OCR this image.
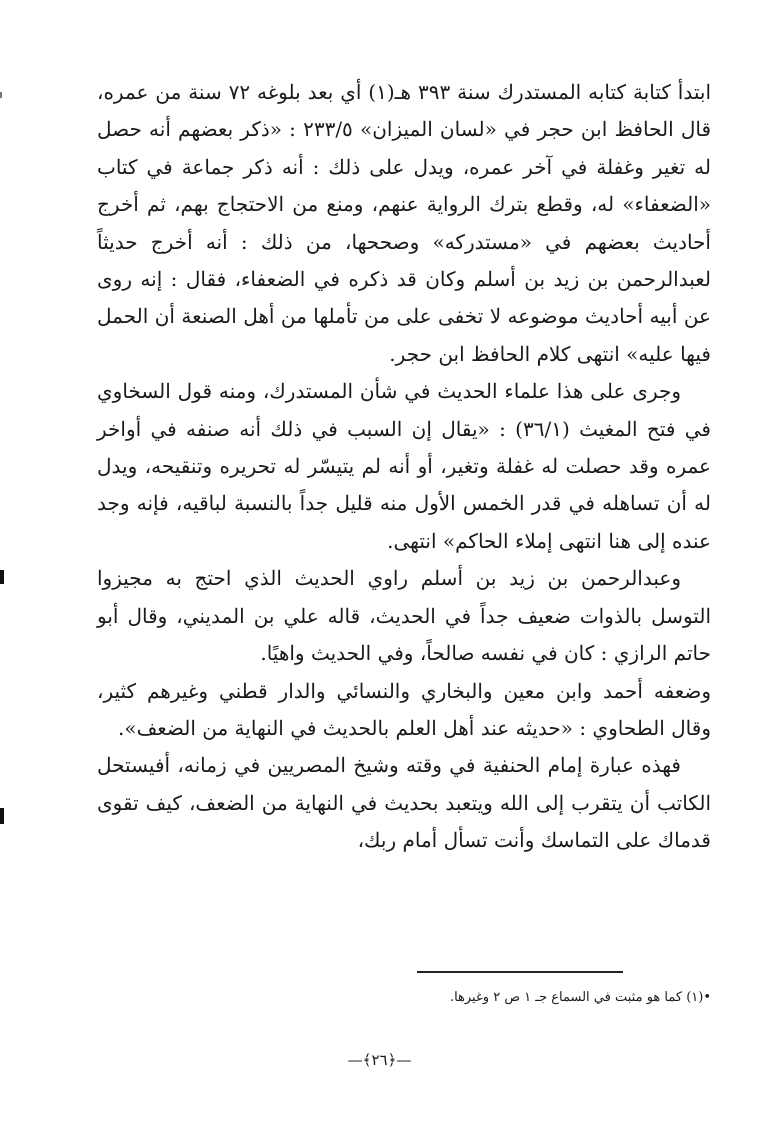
ابتدأ كتابة كتابه المستدرك سنة ٣٩٣ هـ(١) أي بعد بلوغه ٧٢ سنة من عمره، قال الحافظ ابن حجر في «لسان الميزان» ٢٣٣/٥ : «ذكر بعضهم أنه حصل له تغير وغفلة في آخر عمره، ويدل على ذلك : أنه ذكر جماعة في كتاب «الضعفاء» له، وقطع بترك الرواية عنهم، ومنع من الاحتجاج بهم، ثم أخرج أحاديث بعضهم في «مستدركه» وصححها، من ذلك : أنه أخرج حديثاً لعبدالرحمن بن زيد بن أسلم وكان قد ذكره في الضعفاء، فقال : إنه روى عن أبيه أحاديث موضوعه لا تخفى على من تأملها من أهل الصنعة أن الحمل فيها عليه» انتهى كلام الحافظ ابن حجر.

وجرى على هذا علماء الحديث في شأن المستدرك، ومنه قول السخاوي في فتح المغيث (٣٦/١) : «يقال إن السبب في ذلك أنه صنفه في أواخر عمره وقد حصلت له غفلة وتغير، أو أنه لم يتيسّر له تحريره وتنقيحه، ويدل له أن تساهله في قدر الخمس الأول منه قليل جداً بالنسبة لباقيه، فإنه وجد عنده إلى هنا انتهى إملاء الحاكم» انتهى.

وعبدالرحمن بن زيد بن أسلم راوي الحديث الذي احتج به مجيزوا التوسل بالذوات ضعيف جداً في الحديث، قاله علي بن المديني، وقال أبو حاتم الرازي : كان في نفسه صالحاً، وفي الحديث واهيًا.

وضعفه أحمد وابن معين والبخاري والنسائي والدار قطني وغيرهم كثير، وقال الطحاوي : «حديثه عند أهل العلم بالحديث في النهاية من الضعف».

فهذه عبارة إمام الحنفية في وقته وشيخ المصريين في زمانه، أفيستحل الكاتب أن يتقرب إلى الله ويتعبد بحديث في النهاية من الضعف، كيف تقوى قدماك على التماسك وأنت تسأل أمام ربك،

•(١) كما هو مثبت في السماع جـ ١ ص ٢ وغيرها.
—﴿٢٦﴾—
